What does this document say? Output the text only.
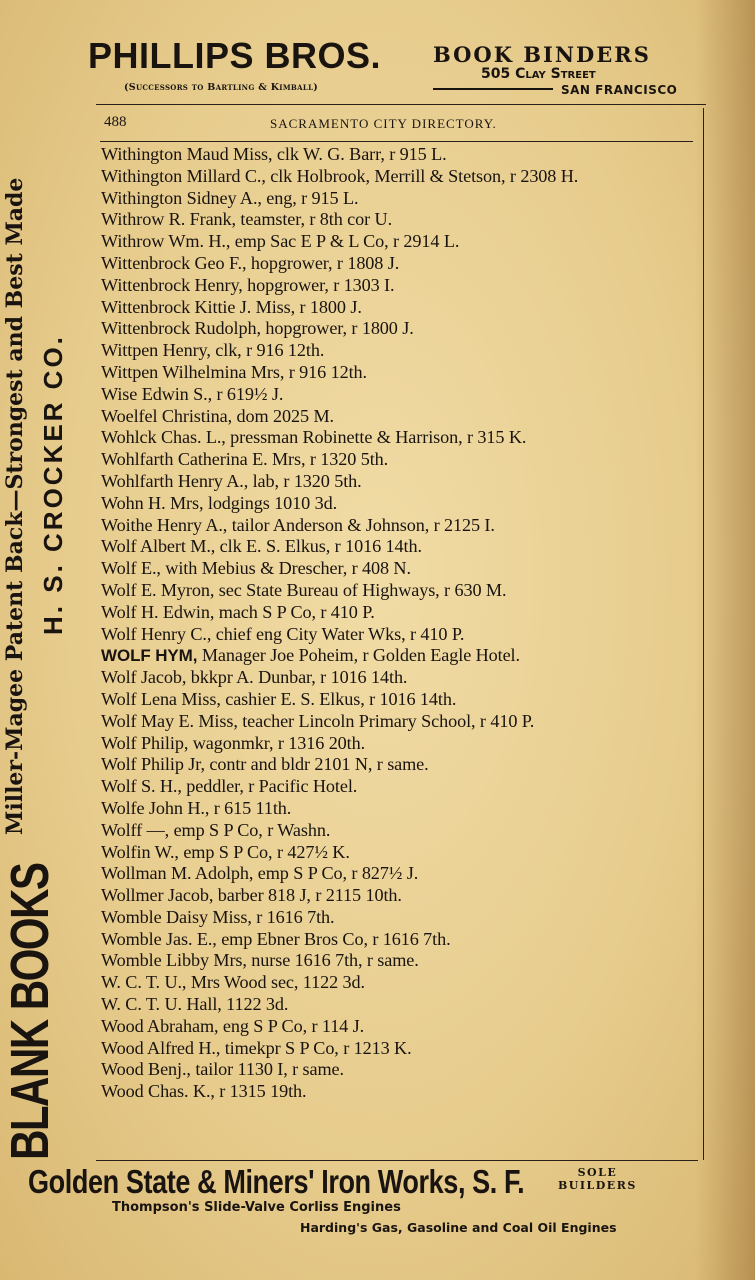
PHILLIPS BROS.
(Successors to Bartling & Kimball)
BOOK BINDERS
505 Clay Street
SAN FRANCISCO
BLANK BOOKS
Miller-Magee Patent Back—Strongest and Best Made H. S. CROCKER CO.
488	SACRAMENTO CITY DIRECTORY.
Withington Maud Miss, clk W. G. Barr, r 915 L.
Withington Millard C., clk Holbrook, Merrill & Stetson, r 2308 H.
Withington Sidney A., eng, r 915 L.
Withrow R. Frank, teamster, r 8th cor U.
Withrow Wm. H., emp Sac E P & L Co, r 2914 L.
Wittenbrock Geo F., hopgrower, r 1808 J.
Wittenbrock Henry, hopgrower, r 1303 I.
Wittenbrock Kittie J. Miss, r 1800 J.
Wittenbrock Rudolph, hopgrower, r 1800 J.
Wittpen Henry, clk, r 916 12th.
Wittpen Wilhelmina Mrs, r 916 12th.
Wise Edwin S., r 619½ J.
Woelfel Christina, dom 2025 M.
Wohlck Chas. L., pressman Robinette & Harrison, r 315 K.
Wohlfarth Catherina E. Mrs, r 1320 5th.
Wohlfarth Henry A., lab, r 1320 5th.
Wohn H. Mrs, lodgings 1010 3d.
Woithe Henry A., tailor Anderson & Johnson, r 2125 I.
Wolf Albert M., clk E. S. Elkus, r 1016 14th.
Wolf E., with Mebius & Drescher, r 408 N.
Wolf E. Myron, sec State Bureau of Highways, r 630 M.
Wolf H. Edwin, mach S P Co, r 410 P.
Wolf Henry C., chief eng City Water Wks, r 410 P.
WOLF HYM, Manager Joe Poheim, r Golden Eagle Hotel.
Wolf Jacob, bkkpr A. Dunbar, r 1016 14th.
Wolf Lena Miss, cashier E. S. Elkus, r 1016 14th.
Wolf May E. Miss, teacher Lincoln Primary School, r 410 P.
Wolf Philip, wagonmkr, r 1316 20th.
Wolf Philip Jr, contr and bldr 2101 N, r same.
Wolf S. H., peddler, r Pacific Hotel.
Wolfe John H., r 615 11th.
Wolff —, emp S P Co, r Washn.
Wolfin W., emp S P Co, r 427½ K.
Wollman M. Adolph, emp S P Co, r 827½ J.
Wollmer Jacob, barber 818 J, r 2115 10th.
Womble Daisy Miss, r 1616 7th.
Womble Jas. E., emp Ebner Bros Co, r 1616 7th.
Womble Libby Mrs, nurse 1616 7th, r same.
W. C. T. U., Mrs Wood sec, 1122 3d.
W. C. T. U. Hall, 1122 3d.
Wood Abraham, eng S P Co, r 114 J.
Wood Alfred H., timekpr S P Co, r 1213 K.
Wood Benj., tailor 1130 I, r same.
Wood Chas. K., r 1315 19th.
Golden State & Miners' Iron Works, S. F.	SOLE
BUILDERS
Thompson's Slide-Valve Corliss Engines
Harding's Gas, Gasoline and Coal Oil Engines
